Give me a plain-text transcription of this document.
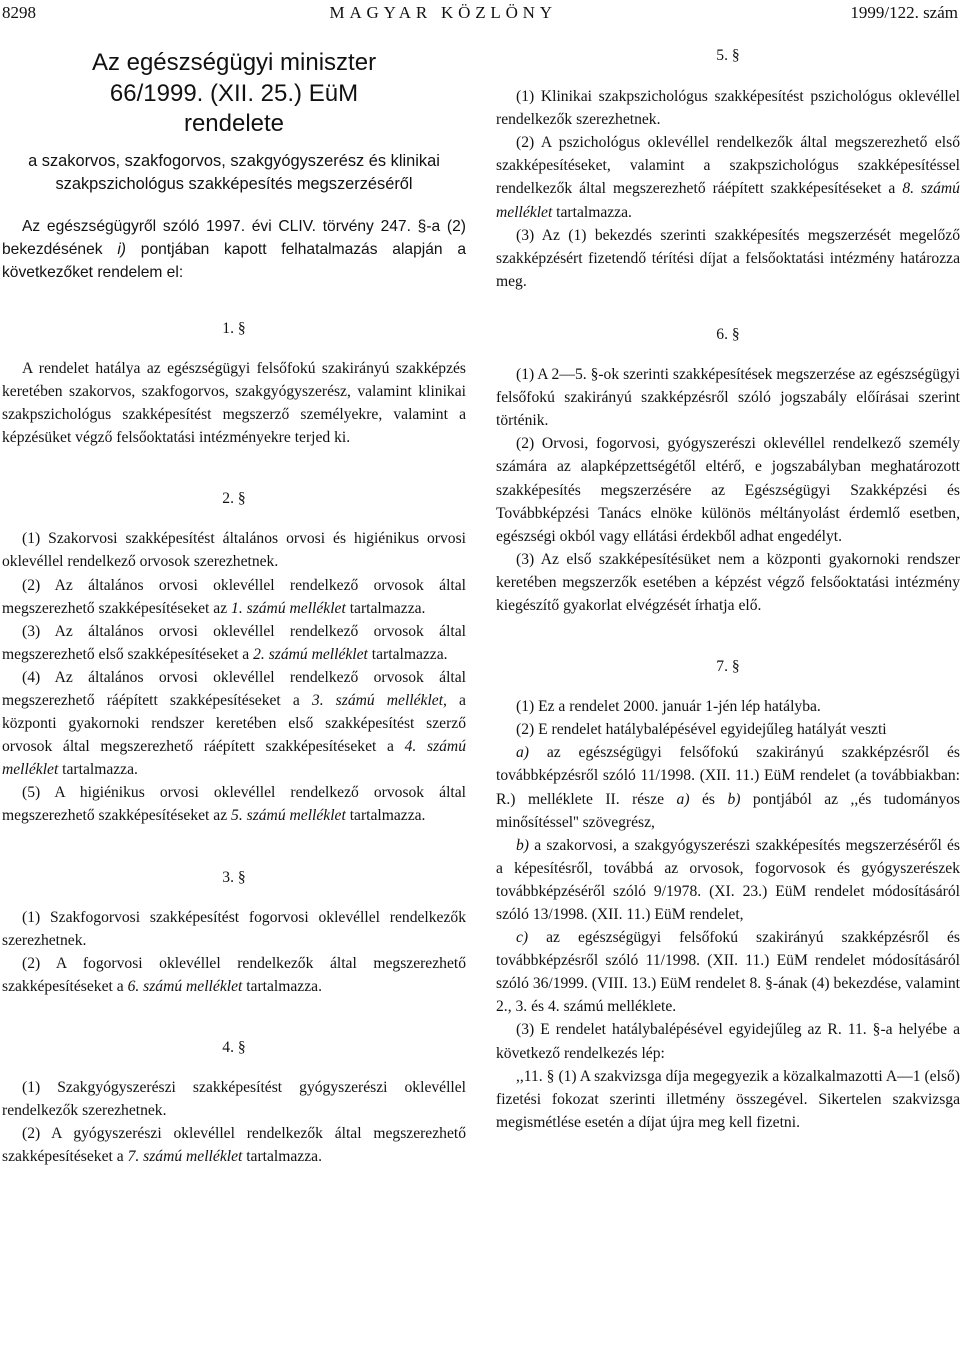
8298	MAGYAR KÖZLÖNY	1999/122. szám
Az egészségügyi miniszter
66/1999. (XII. 25.) EüM
rendelete
a szakorvos, szakfogorvos, szakgyógyszerész és klinikai
szakpszichológus szakképesítés megszerzéséről

Az egészségügyről szóló 1997. évi CLIV. törvény 247. §-a (2) bekezdésének i) pontjában kapott felhatalmazás alapján a következőket rendelem el:

1. §

A rendelet hatálya az egészségügyi felsőfokú szakirányú szakképzés keretében szakorvos, szakfogorvos, szakgyógyszerész, valamint klinikai szakpszichológus szakképesítést megszerző személyekre, valamint a képzésüket végző felsőoktatási intézményekre terjed ki.

2. §

(1) Szakorvosi szakképesítést általános orvosi és higiénikus orvosi oklevéllel rendelkező orvosok szerezhetnek.

(2) Az általános orvosi oklevéllel rendelkező orvosok által megszerezhető szakképesítéseket az 1. számú melléklet tartalmazza.

(3) Az általános orvosi oklevéllel rendelkező orvosok által megszerezhető első szakképesítéseket a 2. számú melléklet tartalmazza.

(4) Az általános orvosi oklevéllel rendelkező orvosok által megszerezhető ráépített szakképesítéseket a 3. számú melléklet, a központi gyakornoki rendszer keretében első szakképesítést szerző orvosok által megszerezhető ráépített szakképesítéseket a 4. számú melléklet tartalmazza.

(5) A higiénikus orvosi oklevéllel rendelkező orvosok által megszerezhető szakképesítéseket az 5. számú melléklet tartalmazza.

3. §

(1) Szakfogorvosi szakképesítést fogorvosi oklevéllel rendelkezők szerezhetnek.

(2) A fogorvosi oklevéllel rendelkezők által megszerezhető szakképesítéseket a 6. számú melléklet tartalmazza.

4. §

(1) Szakgyógyszerészi szakképesítést gyógyszerészi oklevéllel rendelkezők szerezhetnek.

(2) A gyógyszerészi oklevéllel rendelkezők által megszerezhető szakképesítéseket a 7. számú melléklet tartalmazza.

5. §

(1) Klinikai szakpszichológus szakképesítést pszichológus oklevéllel rendelkezők szerezhetnek.

(2) A pszichológus oklevéllel rendelkezők által megszerezhető első szakképesítéseket, valamint a szakpszichológus szakképesítéssel rendelkezők által megszerezhető ráépített szakképesítéseket a 8. számú melléklet tartalmazza.

(3) Az (1) bekezdés szerinti szakképesítés megszerzését megelőző szakképzésért fizetendő térítési díjat a felsőoktatási intézmény határozza meg.

6. §

(1) A 2—5. §-ok szerinti szakképesítések megszerzése az egészségügyi felsőfokú szakirányú szakképzésről szóló jogszabály előírásai szerint történik.

(2) Orvosi, fogorvosi, gyógyszerészi oklevéllel rendelkező személy számára az alapképzettségétől eltérő, e jogszabályban meghatározott szakképesítés megszerzésére az Egészségügyi Szakképzési és Továbbképzési Tanács elnöke különös méltányolást érdemlő esetben, egészségi okból vagy ellátási érdekből adhat engedélyt.

(3) Az első szakképesítésüket nem a központi gyakornoki rendszer keretében megszerzők esetében a képzést végző felsőoktatási intézmény kiegészítő gyakorlat elvégzését írhatja elő.

7. §

(1) Ez a rendelet 2000. január 1-jén lép hatályba.

(2) E rendelet hatálybalépésével egyidejűleg hatályát veszti

a) az egészségügyi felsőfokú szakirányú szakképzésről és továbbképzésről szóló 11/1998. (XII. 11.) EüM rendelet (a továbbiakban: R.) melléklete II. része a) és b) pontjából az ,,és tudományos minősítéssel'' szövegrész,

b) a szakorvosi, a szakgyógyszerészi szakképesítés megszerzéséről és a képesítésről, továbbá az orvosok, fogorvosok és gyógyszerészek továbbképzéséről szóló 9/1978. (XI. 23.) EüM rendelet módosításáról szóló 13/1998. (XII. 11.) EüM rendelet,

c) az egészségügyi felsőfokú szakirányú szakképzésről és továbbképzésről szóló 11/1998. (XII. 11.) EüM rendelet módosításáról szóló 36/1999. (VIII. 13.) EüM rendelet 8. §-ának (4) bekezdése, valamint 2., 3. és 4. számú melléklete.

(3) E rendelet hatálybalépésével egyidejűleg az R. 11. §-a helyébe a következő rendelkezés lép:

,,11. § (1) A szakvizsga díja megegyezik a közalkalmazotti A—1 (első) fizetési fokozat szerinti illetmény összegével. Sikertelen szakvizsga megismétlése esetén a díjat újra meg kell fizetni.
